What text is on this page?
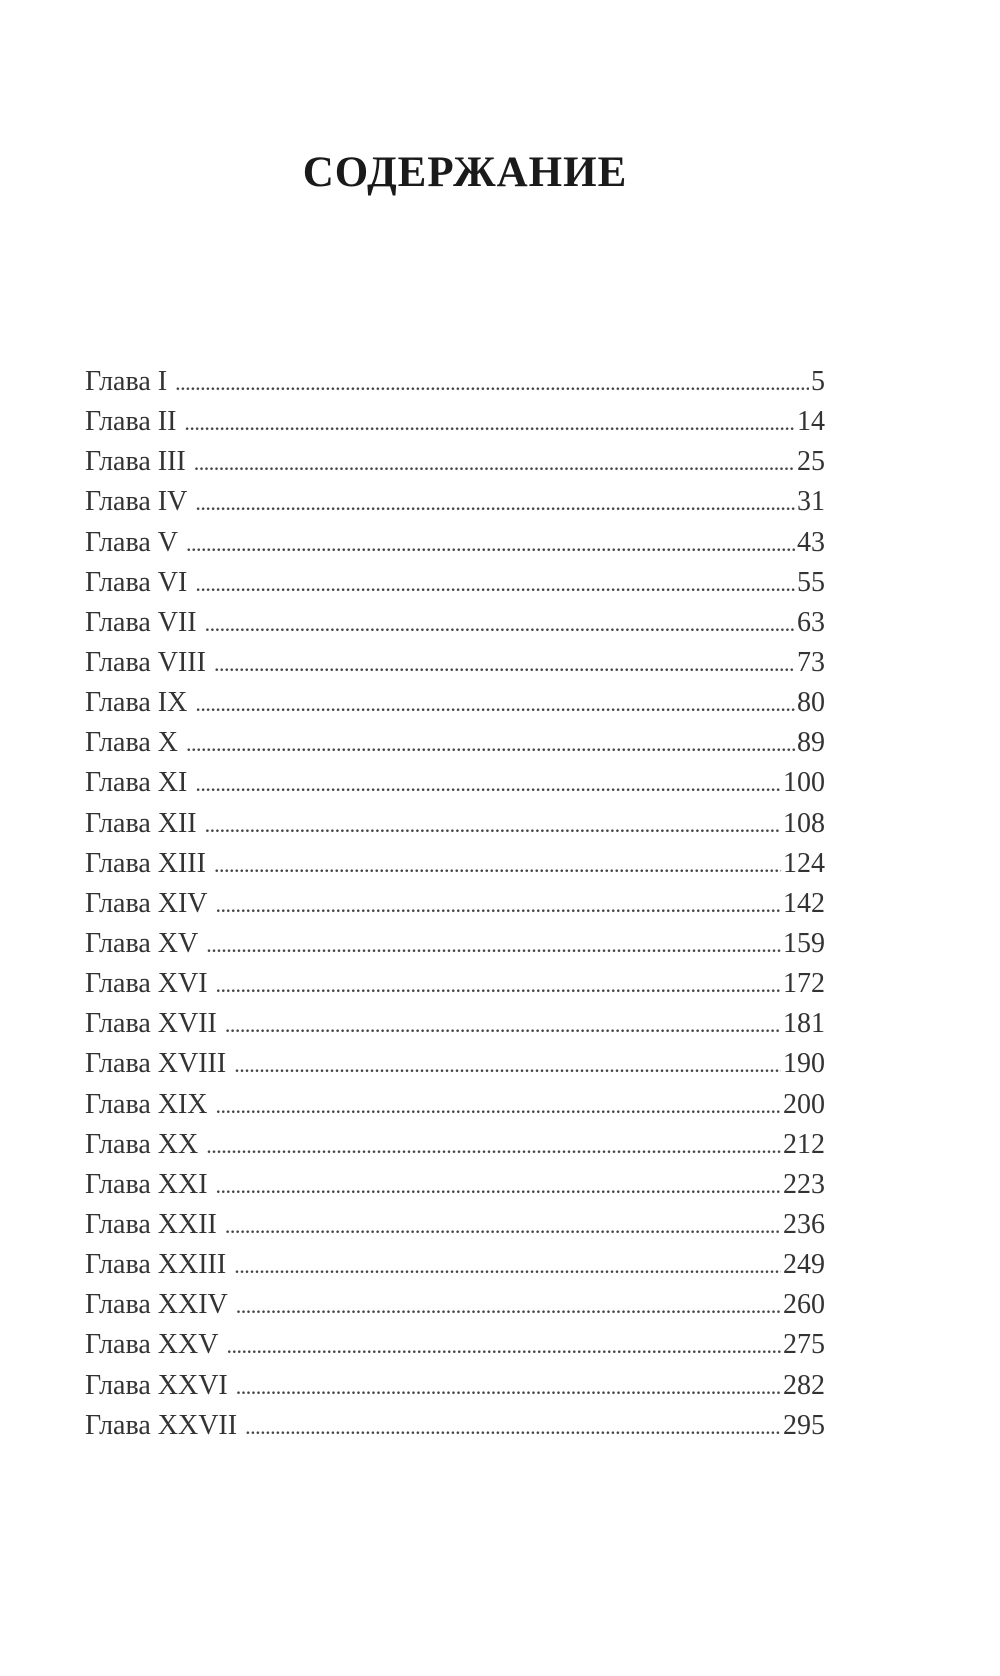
СОДЕРЖАНИЕ
Глава I . . .	5
Глава II . . .	14
Глава III . . .	25
Глава IV . . .	31
Глава V . . .	43
Глава VI . . .	55
Глава VII . . .	63
Глава VIII . . .	73
Глава IX . . .	80
Глава X . . .	89
Глава XI . . .	100
Глава XII . . .	108
Глава XIII . . .	124
Глава XIV . . .	142
Глава XV . . .	159
Глава XVI . . .	172
Глава XVII . . .	181
Глава XVIII . . .	190
Глава XIX . . .	200
Глава XX . . .	212
Глава XXI . . .	223
Глава XXII . . .	236
Глава XXIII . . .	249
Глава XXIV . . .	260
Глава XXV . . .	275
Глава XXVI . . .	282
Глава XXVII . . .	295
